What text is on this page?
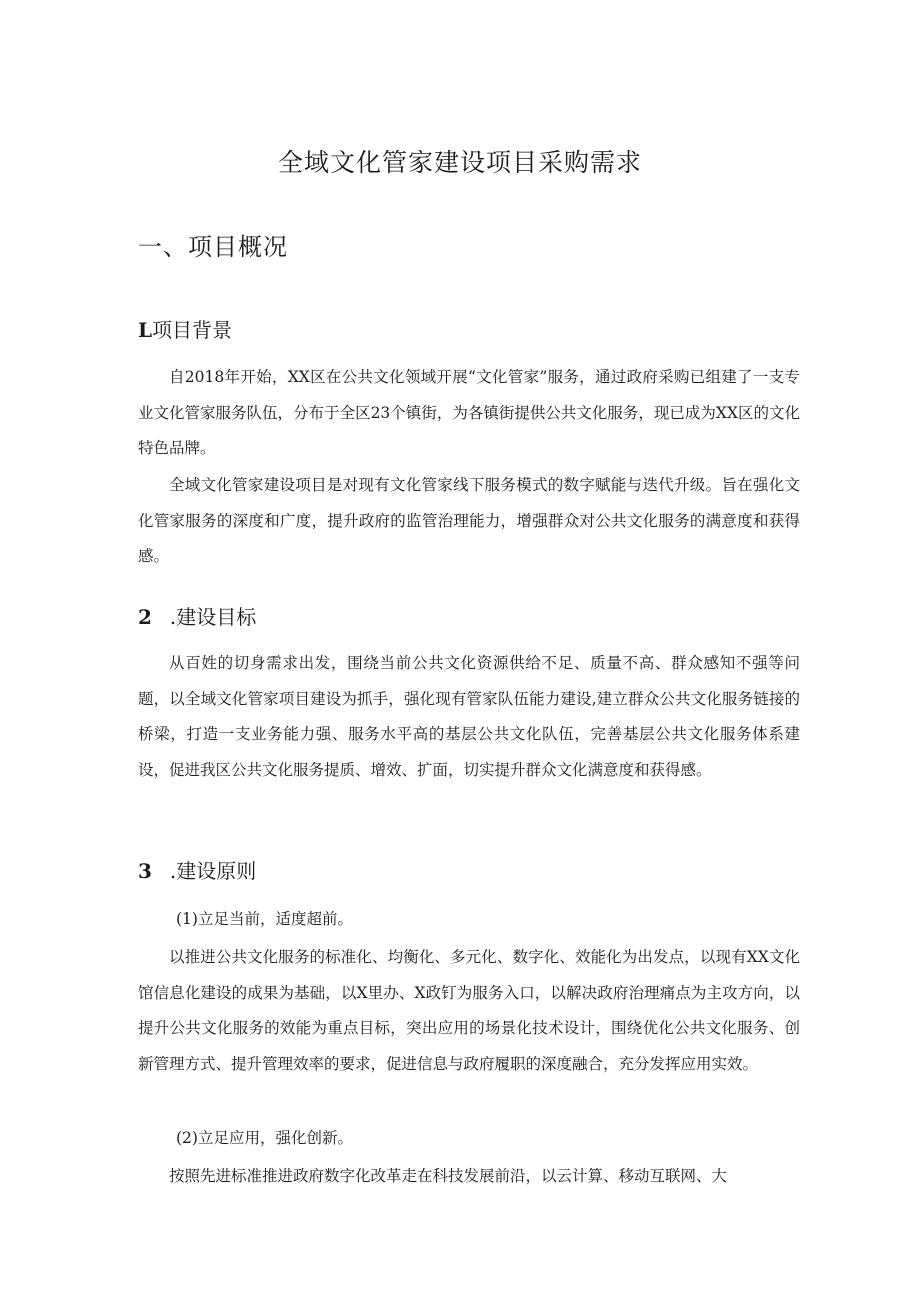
全域文化管家建设项目采购需求
一、项目概况
L项目背景

自2018年开始，XX区在公共文化领域开展“文化管家”服务，通过政府采购已组建了一支专业文化管家服务队伍，分布于全区23个镇街，为各镇街提供公共文化服务，现已成为XX区的文化特色品牌。

全域文化管家建设项目是对现有文化管家线下服务模式的数字赋能与迭代升级。旨在强化文化管家服务的深度和广度，提升政府的监管治理能力，增强群众对公共文化服务的满意度和获得感。

2 .建设目标

从百姓的切身需求出发，围绕当前公共文化资源供给不足、质量不高、群众感知不强等问题，以全域文化管家项目建设为抓手，强化现有管家队伍能力建设,建立群众公共文化服务链接的桥梁，打造一支业务能力强、服务水平高的基层公共文化队伍，完善基层公共文化服务体系建设，促进我区公共文化服务提质、增效、扩面，切实提升群众文化满意度和获得感。

3 .建设原则
(1)立足当前，适度超前。

以推进公共文化服务的标准化、均衡化、多元化、数字化、效能化为出发点，以现有XX文化馆信息化建设的成果为基础，以X里办、X政钉为服务入口，以解决政府治理痛点为主攻方向，以提升公共文化服务的效能为重点目标，突出应用的场景化技术设计，围绕优化公共文化服务、创新管理方式、提升管理效率的要求，促进信息与政府履职的深度融合，充分发挥应用实效。

(2)立足应用，强化创新。

按照先进标准推进政府数字化改革走在科技发展前沿，以云计算、移动互联网、大
